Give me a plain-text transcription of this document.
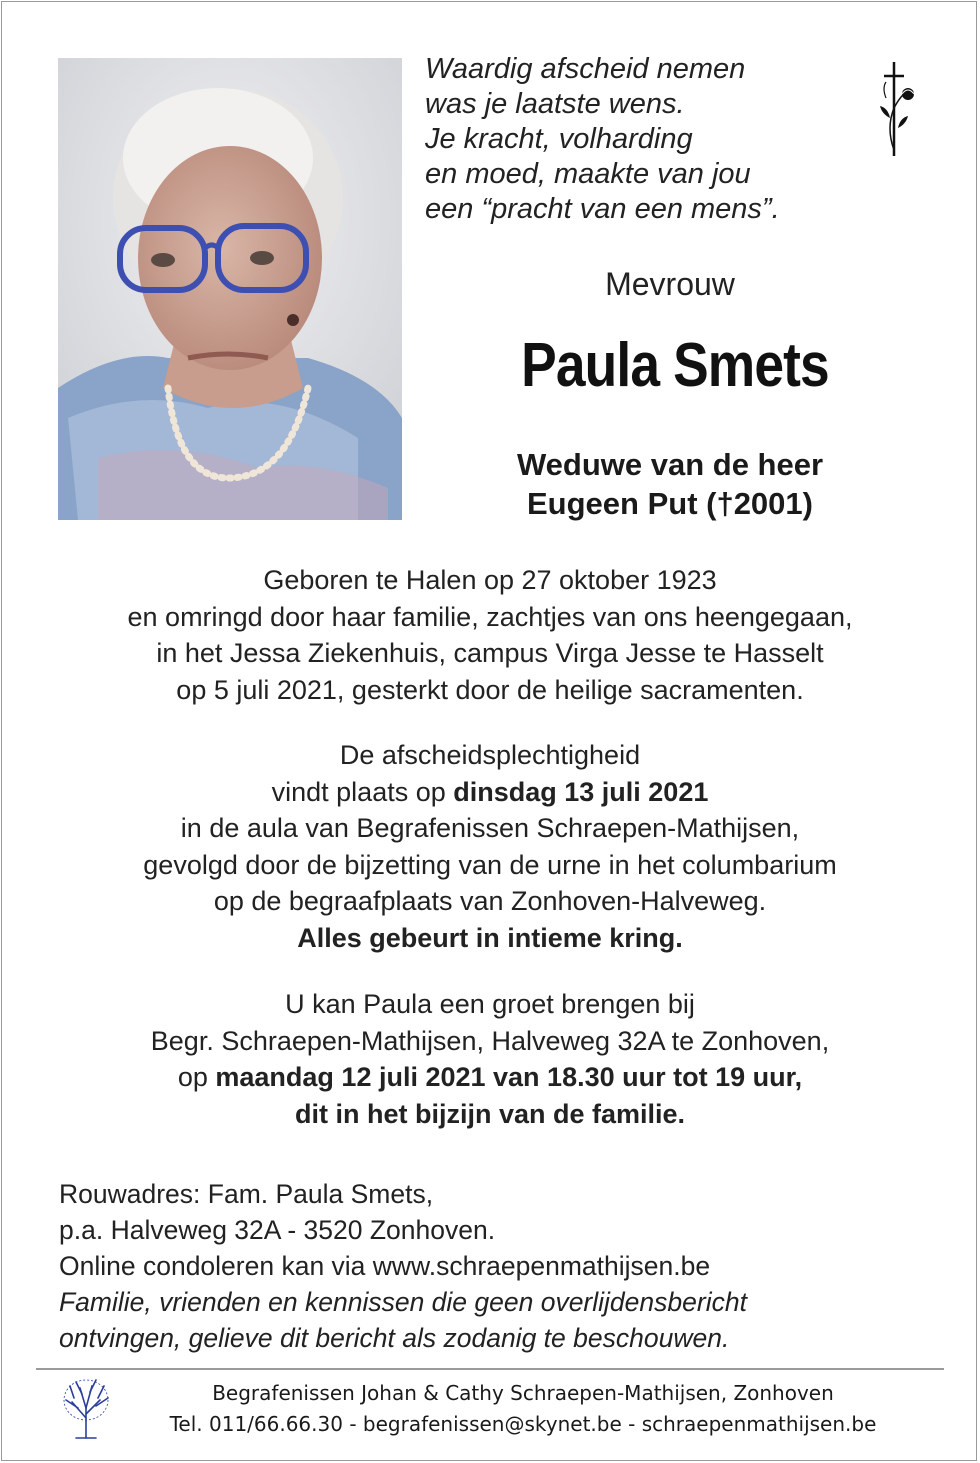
Waardig afscheid nemen
was je laatste wens.
Je kracht, volharding
en moed, maakte van jou
een “pracht van een mens”.
Mevrouw
Paula Smets
Weduwe van de heer
Eugeen Put (†2001)
Geboren te Halen op 27 oktober 1923
en omringd door haar familie, zachtjes van ons heengegaan,
in het Jessa Ziekenhuis, campus Virga Jesse te Hasselt
op 5 juli 2021, gesterkt door de heilige sacramenten.
De afscheidsplechtigheid
vindt plaats op dinsdag 13 juli 2021
in de aula van Begrafenissen Schraepen-Mathijsen,
gevolgd door de bijzetting van de urne in het columbarium
op de begraafplaats van Zonhoven-Halveweg.
Alles gebeurt in intieme kring.
U kan Paula een groet brengen bij
Begr. Schraepen-Mathijsen, Halveweg 32A te Zonhoven,
op maandag 12 juli 2021 van 18.30 uur tot 19 uur,
dit in het bijzijn van de familie.
Rouwadres: Fam. Paula Smets,
p.a. Halveweg 32A - 3520 Zonhoven.
Online condoleren kan via www.schraepenmathijsen.be
Familie, vrienden en kennissen die geen overlijdensbericht
ontvingen, gelieve dit bericht als zodanig te beschouwen.
Begrafenissen Johan & Cathy Schraepen-Mathijsen, Zonhoven
Tel. 011/66.66.30 - begrafenissen@skynet.be - schraepenmathijsen.be
